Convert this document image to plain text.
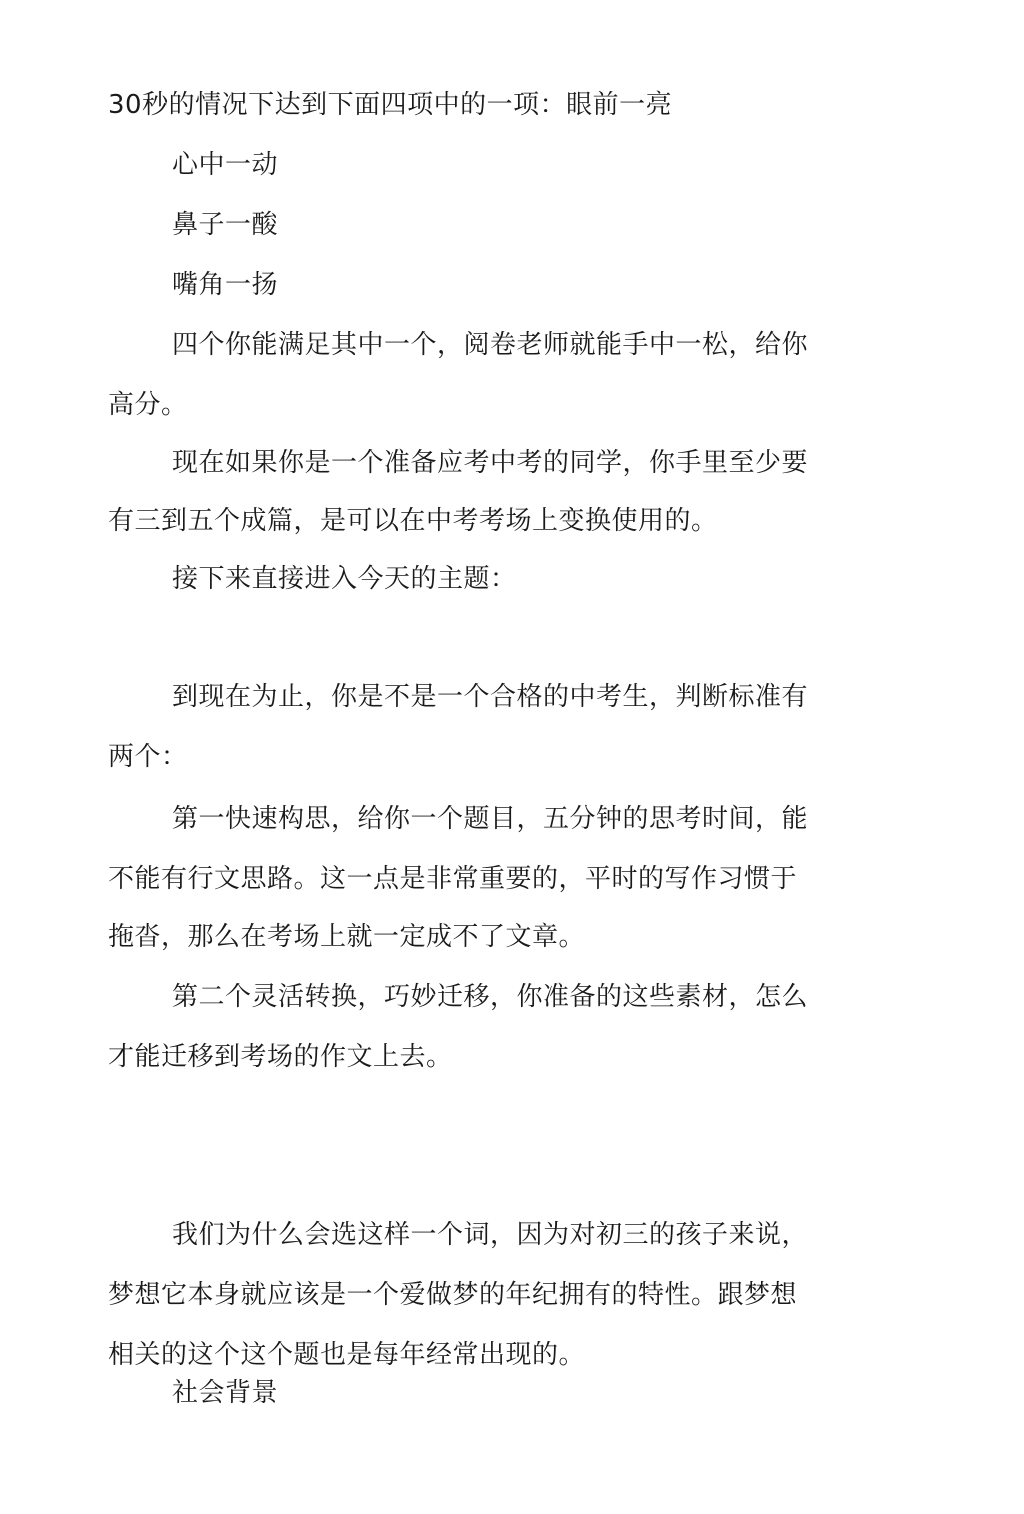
30秒的情况下达到下面四项中的一项：眼前一亮

心中一动

鼻子一酸

嘴角一扬

四个你能满足其中一个，阅卷老师就能手中一松，给你

高分。

现在如果你是一个准备应考中考的同学，你手里至少要

有三到五个成篇，是可以在中考考场上变换使用的。

接下来直接进入今天的主题：

到现在为止，你是不是一个合格的中考生，判断标准有

两个：

第一快速构思，给你一个题目，五分钟的思考时间，能

不能有行文思路。这一点是非常重要的，平时的写作习惯于

拖沓，那么在考场上就一定成不了文章。

第二个灵活转换，巧妙迁移，你准备的这些素材，怎么

才能迁移到考场的作文上去。

我们为什么会选这样一个词，因为对初三的孩子来说，

梦想它本身就应该是一个爱做梦的年纪拥有的特性。跟梦想

相关的这个这个题也是每年经常出现的。

社会背景
